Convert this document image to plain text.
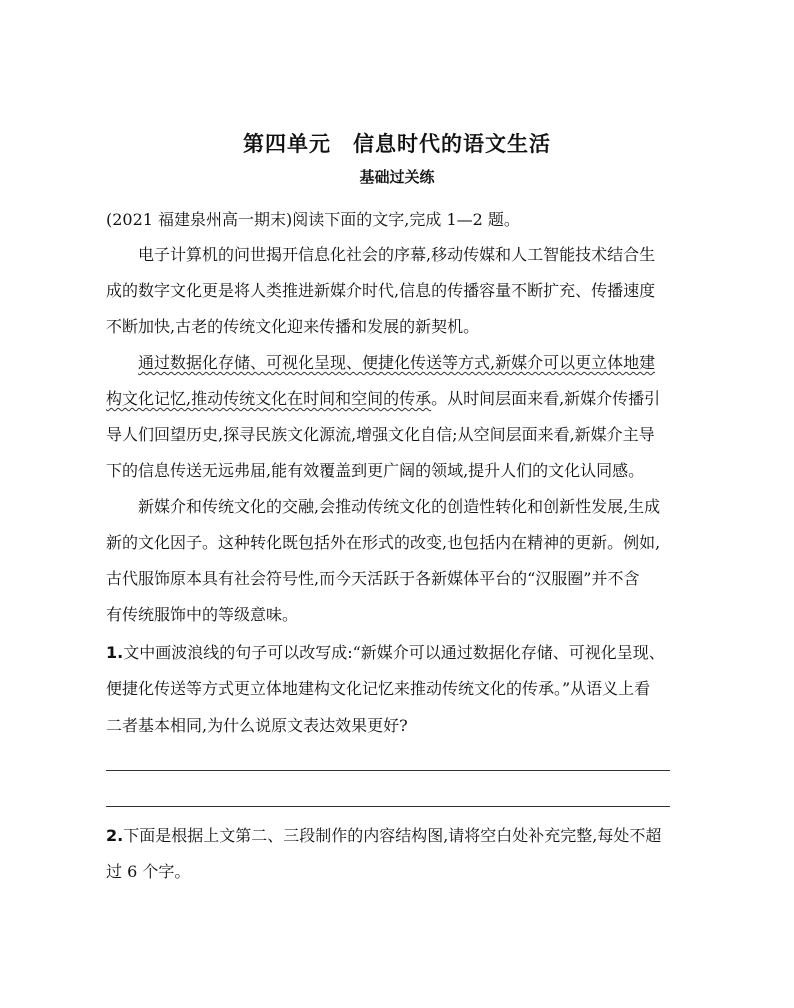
第四单元　信息时代的语文生活
基础过关练
(2021 福建泉州高一期末)阅读下面的文字,完成 1—2 题。
　　电子计算机的问世揭开信息化社会的序幕,移动传媒和人工智能技术结合生
成的数字文化更是将人类推进新媒介时代,信息的传播容量不断扩充、传播速度
不断加快,古老的传统文化迎来传播和发展的新契机。
　　通过数据化存储、可视化呈现、便捷化传送等方式,新媒介可以更立体地建
构文化记忆,推动传统文化在时间和空间的传承。从时间层面来看,新媒介传播引
导人们回望历史,探寻民族文化源流,增强文化自信;从空间层面来看,新媒介主导
下的信息传送无远弗届,能有效覆盖到更广阔的领域,提升人们的文化认同感。
　　新媒介和传统文化的交融,会推动传统文化的创造性转化和创新性发展,生成
新的文化因子。这种转化既包括外在形式的改变,也包括内在精神的更新。例如,
古代服饰原本具有社会符号性,而今天活跃于各新媒体平台的“汉服圈”并不含
有传统服饰中的等级意味。
1.文中画波浪线的句子可以改写成:“新媒介可以通过数据化存储、可视化呈现、
便捷化传送等方式更立体地建构文化记忆来推动传统文化的传承。”从语义上看
二者基本相同,为什么说原文表达效果更好?
2.下面是根据上文第二、三段制作的内容结构图,请将空白处补充完整,每处不超
过 6 个字。
